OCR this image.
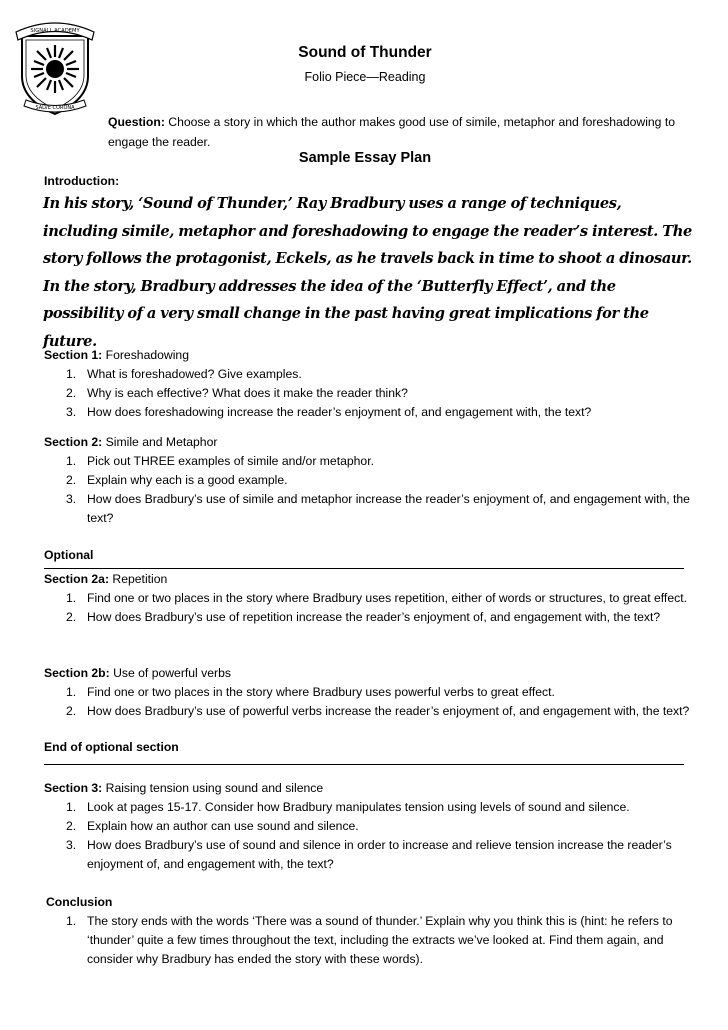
SIGNALL ACADEMY
SALVE CORONA
Sound of Thunder
Folio Piece—Reading
Question: Choose a story in which the author makes good use of simile, metaphor and foreshadowing to engage the reader.
Sample Essay Plan
Introduction:
In his story, ‘Sound of Thunder,’ Ray Bradbury uses a range of techniques, including simile, metaphor and foreshadowing to engage the reader’s interest. The story follows the protagonist, Eckels, as he travels back in time to shoot a dinosaur. In the story, Bradbury addresses the idea of the ‘Butterfly Effect’, and the possibility of a very small change in the past having great implications for the future.
Section 1: Foreshadowing
1. What is foreshadowed? Give examples.
2. Why is each effective? What does it make the reader think?
3. How does foreshadowing increase the reader’s enjoyment of, and engagement with, the text?
Section 2: Simile and Metaphor
1. Pick out THREE examples of simile and/or metaphor.
2. Explain why each is a good example.
3. How does Bradbury’s use of simile and metaphor increase the reader’s enjoyment of, and engagement with, the text?
Optional
Section 2a: Repetition
1. Find one or two places in the story where Bradbury uses repetition, either of words or structures, to great effect.
2. How does Bradbury’s use of repetition increase the reader’s enjoyment of, and engagement with, the text?
Section 2b: Use of powerful verbs
1. Find one or two places in the story where Bradbury uses powerful verbs to great effect.
2. How does Bradbury’s use of powerful verbs increase the reader’s enjoyment of, and engagement with, the text?
End of optional section
Section 3: Raising tension using sound and silence
1. Look at pages 15-17. Consider how Bradbury manipulates tension using levels of sound and silence.
2. Explain how an author can use sound and silence.
3. How does Bradbury’s use of sound and silence in order to increase and relieve tension increase the reader’s enjoyment of, and engagement with, the text?
Conclusion
1. The story ends with the words ‘There was a sound of thunder.’ Explain why you think this is (hint: he refers to ‘thunder’ quite a few times throughout the text, including the extracts we’ve looked at. Find them again, and consider why Bradbury has ended the story with these words).
